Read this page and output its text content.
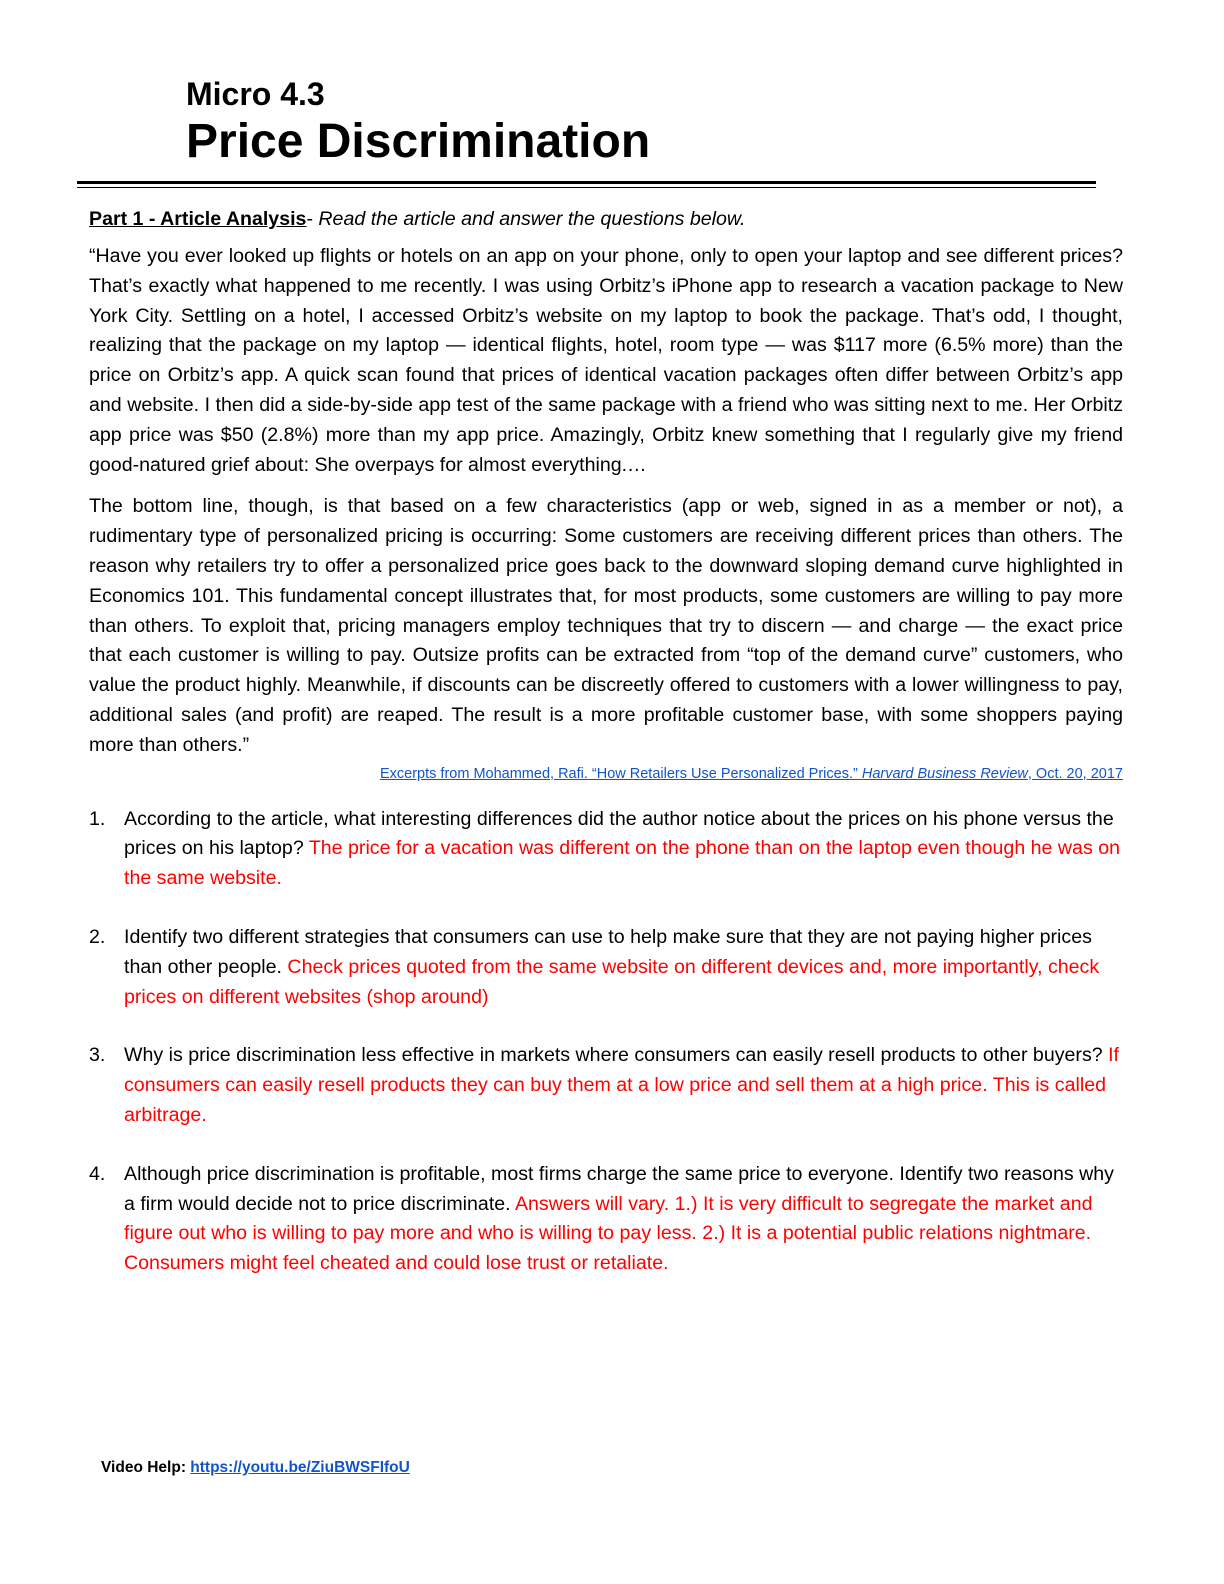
Micro 4.3

Price Discrimination

Part 1 - Article Analysis- Read the article and answer the questions below.

“Have you ever looked up flights or hotels on an app on your phone, only to open your laptop and see different prices? That’s exactly what happened to me recently. I was using Orbitz’s iPhone app to research a vacation package to New York City. Settling on a hotel, I accessed Orbitz’s website on my laptop to book the package. That’s odd, I thought, realizing that the package on my laptop — identical flights, hotel, room type — was $117 more (6.5% more) than the price on Orbitz’s app. A quick scan found that prices of identical vacation packages often differ between Orbitz’s app and website. I then did a side-by-side app test of the same package with a friend who was sitting next to me. Her Orbitz app price was $50 (2.8%) more than my app price. Amazingly, Orbitz knew something that I regularly give my friend good-natured grief about: She overpays for almost everything.…

The bottom line, though, is that based on a few characteristics (app or web, signed in as a member or not), a rudimentary type of personalized pricing is occurring: Some customers are receiving different prices than others. The reason why retailers try to offer a personalized price goes back to the downward sloping demand curve highlighted in Economics 101. This fundamental concept illustrates that, for most products, some customers are willing to pay more than others. To exploit that, pricing managers employ techniques that try to discern — and charge — the exact price that each customer is willing to pay. Outsize profits can be extracted from “top of the demand curve” customers, who value the product highly. Meanwhile, if discounts can be discreetly offered to customers with a lower willingness to pay, additional sales (and profit) are reaped. The result is a more profitable customer base, with some shoppers paying more than others.”

Excerpts from Mohammed, Rafi. “How Retailers Use Personalized Prices.” Harvard Business Review, Oct. 20, 2017

1. According to the article, what interesting differences did the author notice about the prices on his phone versus the prices on his laptop? The price for a vacation was different on the phone than on the laptop even though he was on the same website.
2. Identify two different strategies that consumers can use to help make sure that they are not paying higher prices than other people. Check prices quoted from the same website on different devices and, more importantly, check prices on different websites (shop around)
3. Why is price discrimination less effective in markets where consumers can easily resell products to other buyers? If consumers can easily resell products they can buy them at a low price and sell them at a high price. This is called arbitrage.
4. Although price discrimination is profitable, most firms charge the same price to everyone. Identify two reasons why a firm would decide not to price discriminate. Answers will vary. 1.) It is very difficult to segregate the market and figure out who is willing to pay more and who is willing to pay less. 2.) It is a potential public relations nightmare. Consumers might feel cheated and could lose trust or retaliate.
Video Help: https://youtu.be/ZiuBWSFIfoU
